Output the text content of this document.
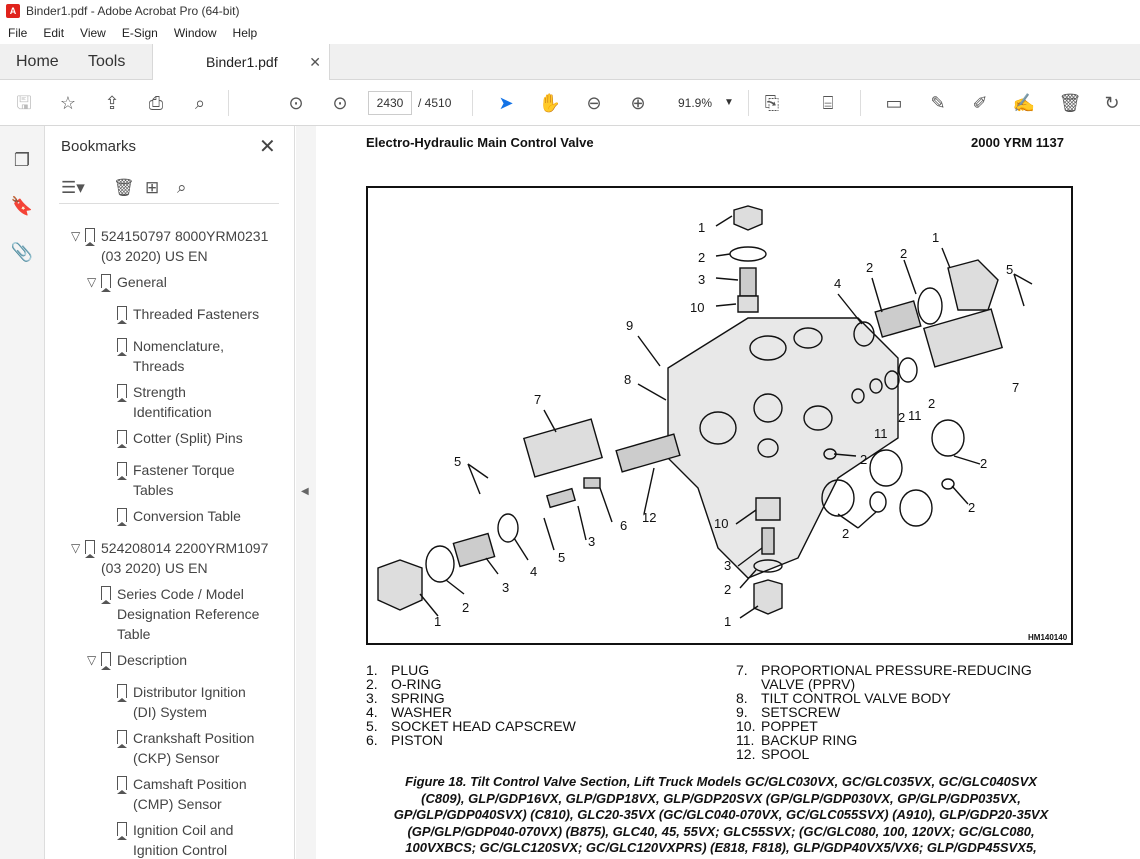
A Binder1.pdf - Adobe Acrobat Pro (64-bit)
File	Edit	View	E-Sign	Window	Help
Home Tools	Binder1.pdf ✕
🖫 ☆ ⇪ ⎙	⌕	⊙ ⊙	2430	/ 4510	➤ ✋ ⊖ ⊕	91.9% ▼ ⎘	⌸	▭ ✎ ✐ ✍ 🗑 ↻
❐
🔖
📎
Bookmarks	✕
☰▾ 🗑 ⊞ ⌕
▽ 524150797 8000YRM0231
(03 2020) US EN
▽ General
Threaded Fasteners
Nomenclature,
Threads
Strength
Identification
Cotter (Split) Pins
Fastener Torque
Tables
Conversion Table
▽ 524208014 2200YRM1097
(03 2020) US EN
Series Code / Model
Designation Reference
Table
▽ Description
Distributor Ignition
(DI) System
Crankshaft Position
(CKP) Sensor
Camshaft Position
(CMP) Sensor
Ignition Coil and
Ignition Control
◀
Electro-Hydraulic Main Control Valve	2000 YRM 1137
1
2
3
10
9
8
7
5
4
3
2
1
5
3
6
12	10
3
2
1
2
11
2
2
11
2
2
2
2
2
1
5
4
7
HM140140
1. PLUG
2. O-RING
3. SPRING
4. WASHER
5. SOCKET HEAD CAPSCREW
6. PISTON
7. PROPORTIONAL PRESSURE-REDUCING
VALVE (PPRV)
8. TILT CONTROL VALVE BODY
9. SETSCREW
10. POPPET
11. BACKUP RING
12. SPOOL
Figure 18. Tilt Control Valve Section, Lift Truck Models GC/GLC030VX, GC/GLC035VX, GC/GLC040SVX
(C809), GLP/GDP16VX, GLP/GDP18VX, GLP/GDP20SVX (GP/GLP/GDP030VX, GP/GLP/GDP035VX,
GP/GLP/GDP040SVX) (C810), GLC20-35VX (GC/GLC040-070VX, GC/GLC055SVX) (A910), GLP/GDP20-35VX
(GP/GLP/GDP040-070VX) (B875), GLC40, 45, 55VX; GLC55SVX; (GC/GLC080, 100, 120VX; GC/GLC080,
100VXBCS; GC/GLC120SVX; GC/GLC120VXPRS) (E818, F818), GLP/GDP40VX5/VX6; GLP/GDP45SVX5,
